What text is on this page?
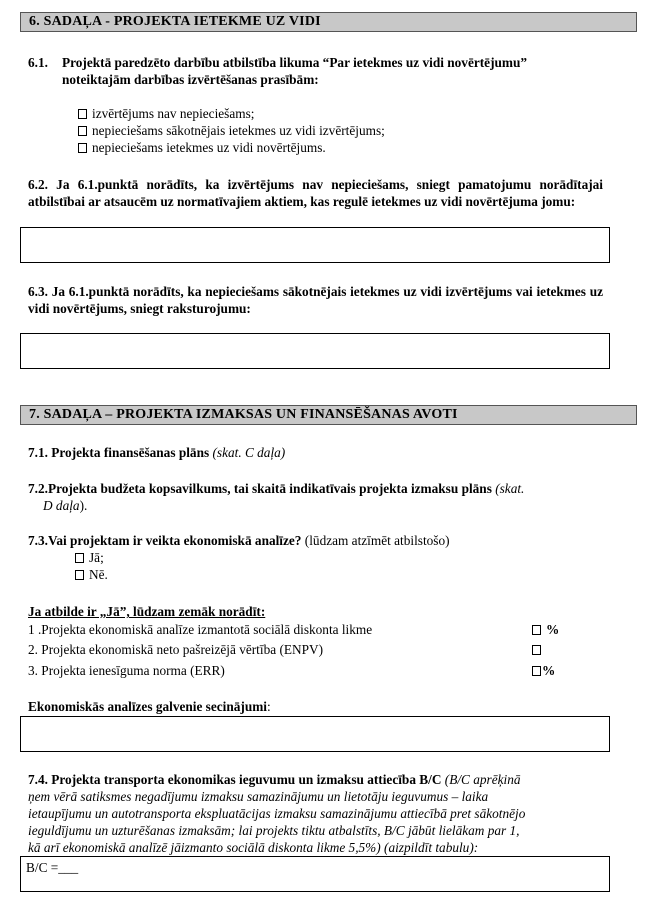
6. SADAĻA - PROJEKTA IETEKME UZ VIDI
6.1. Projektā paredzēto darbību atbilstība likuma “Par ietekmes uz vidi novērtējumu”
noteiktajām darbības izvērtēšanas prasībām:
izvērtējums nav nepieciešams;
nepieciešams sākotnējais ietekmes uz vidi izvērtējums;
nepieciešams ietekmes uz vidi novērtējums.
6.2. Ja 6.1.punktā norādīts, ka izvērtējums nav nepieciešams, sniegt pamatojumu norādītajai atbilstībai ar atsaucēm uz normatīvajiem aktiem, kas regulē ietekmes uz vidi novērtējuma jomu:
6.3. Ja 6.1.punktā norādīts, ka nepieciešams sākotnējais ietekmes uz vidi izvērtējums vai ietekmes uz vidi novērtējums, sniegt raksturojumu:
7. SADAĻA – PROJEKTA IZMAKSAS UN FINANSĒŠANAS AVOTI
7.1. Projekta finansēšanas plāns (skat. C daļa)
7.2.Projekta budžeta kopsavilkums, tai skaitā indikatīvais projekta izmaksu plāns (skat.
D daļa).
7.3.Vai projektam ir veikta ekonomiskā analīze? (lūdzam atzīmēt atbilstošo)
Jā;
Nē.
Ja atbilde ir „Jā”, lūdzam zemāk norādīt:
1 .Projekta ekonomiskā analīze izmantotā sociālā diskonta likme	%
2. Projekta ekonomiskā neto pašreizējā vērtība (ENPV)
3. Projekta ienesīguma norma (ERR)	%
Ekonomiskās analīzes galvenie secinājumi:
7.4. Projekta transporta ekonomikas ieguvumu un izmaksu attiecība B/C (B/C aprēķinā
ņem vērā satiksmes negadījumu izmaksu samazinājumu un lietotāju ieguvumus – laika
ietaupījumu un autotransporta ekspluatācijas izmaksu samazinājumu attiecībā pret sākotnējo
ieguldījumu un uzturēšanas izmaksām; lai projekts tiktu atbalstīts, B/C jābūt lielākam par 1,
kā arī ekonomiskā analīzē jāizmanto sociālā diskonta likme 5,5%) (aizpildīt tabulu):
B/C =___
